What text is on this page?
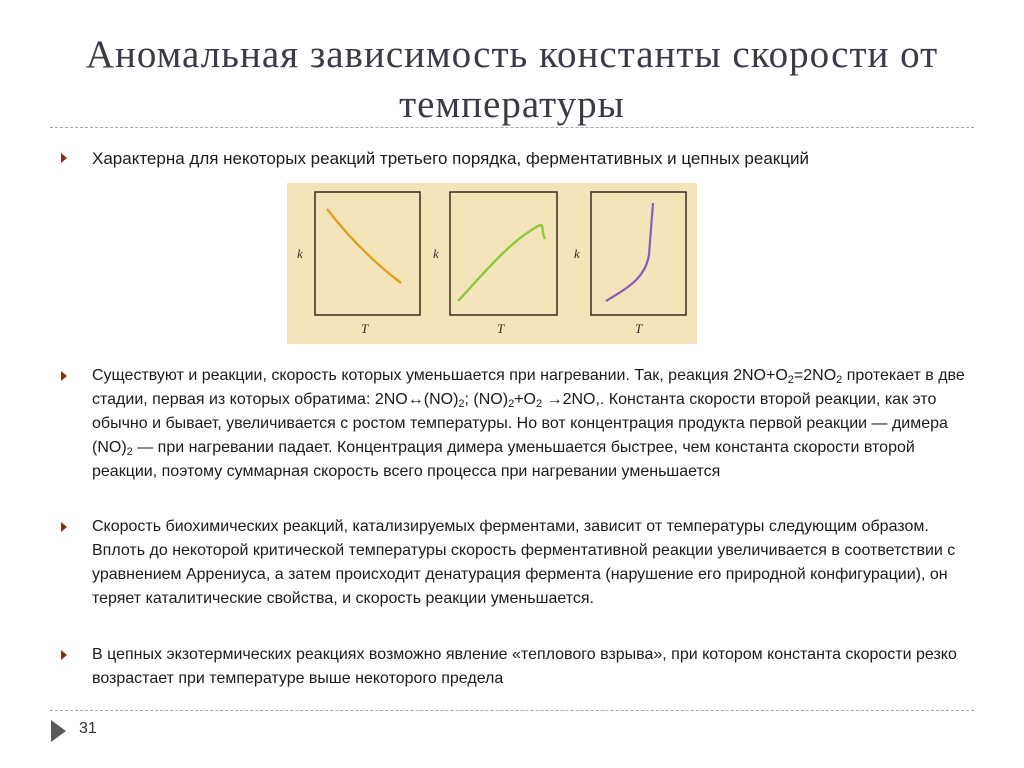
Аномальная зависимость константы скорости от температуры
Характерна для некоторых реакций третьего порядка, ферментативных и цепных реакций
k
T
k
T
k
T
Существуют и реакции, скорость которых уменьшается при нагревании. Так, реакция $2NO+O_2=2NO_2$ протекает в две стадии, первая из которых обратима: $2NO\leftrightarrow(NO)_2$; $(NO)_2+O_2 \to 2NO$,. Константа скорости второй реакции, как это обычно и бывает, увеличивается с ростом температуры. Но вот концентрация продукта первой реакции — димера $(NO)_2$ — при нагревании падает. Концентрация димера уменьшается быстрее, чем константа скорости второй реакции, поэтому суммарная скорость всего процесса при нагревании уменьшается
Скорость биохимических реакций, катализируемых ферментами, зависит от температуры следующим образом. Вплоть до некоторой критической температуры скорость ферментативной реакции увеличивается в соответствии с уравнением Аррениуса, а затем происходит денатурация фермента (нарушение его природной конфигурации), он теряет каталитические свойства, и скорость реакции уменьшается.
В цепных экзотермических реакциях возможно явление «теплового взрыва», при котором константа скорости резко возрастает при температуре выше некоторого предела
31
